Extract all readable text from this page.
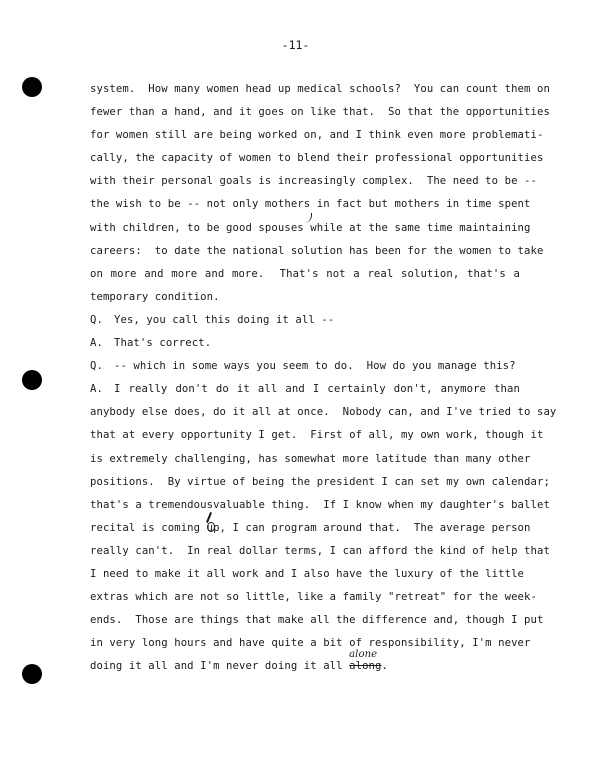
-11-
system.  How many women head up medical schools?  You can count them on
fewer than a hand, and it goes on like that.  So that the opportunities
for women still are being worked on, and I think even more problemati-
cally, the capacity of women to blend their professional opportunities
with their personal goals is increasingly complex.  The need to be --
the wish to be -- not only mothers
in fact but mothers in time spent
with children, to be good spouses while at the same time maintaining
careers:  to date the national solution has been for the women to take
on more and more and more.  That's not a real solution, that's a
temporary condition.
Q. Yes, you call this doing it all --
A. That's correct.
Q. -- which in some ways you seem to do.  How do you manage this?
A. I really don't do it all and I certainly don't, anymore than
anybody else does, do it all at once.  Nobody can, and I've tried to say
that at every opportunity I get.  First of all, my own work, though it
is extremely challenging, has somewhat more latitude than many other
positions.  By virtue of being the president I can set my own calendar;
that's a tremendous
valuable thing.  If I know when my daughter's ballet
recital is coming up, I can program around that.  The average person
really can't.  In real dollar terms, I can afford the kind of help that
I need to make it all work and I also have the luxury of the little
extras which are not so little, like a family "retreat" for the week-
ends.  Those are things that make all the difference and, though I put
in very long hours and have quite a bit of responsibility, I'm never
doing it all and I'm never doing it all
alone
along.
